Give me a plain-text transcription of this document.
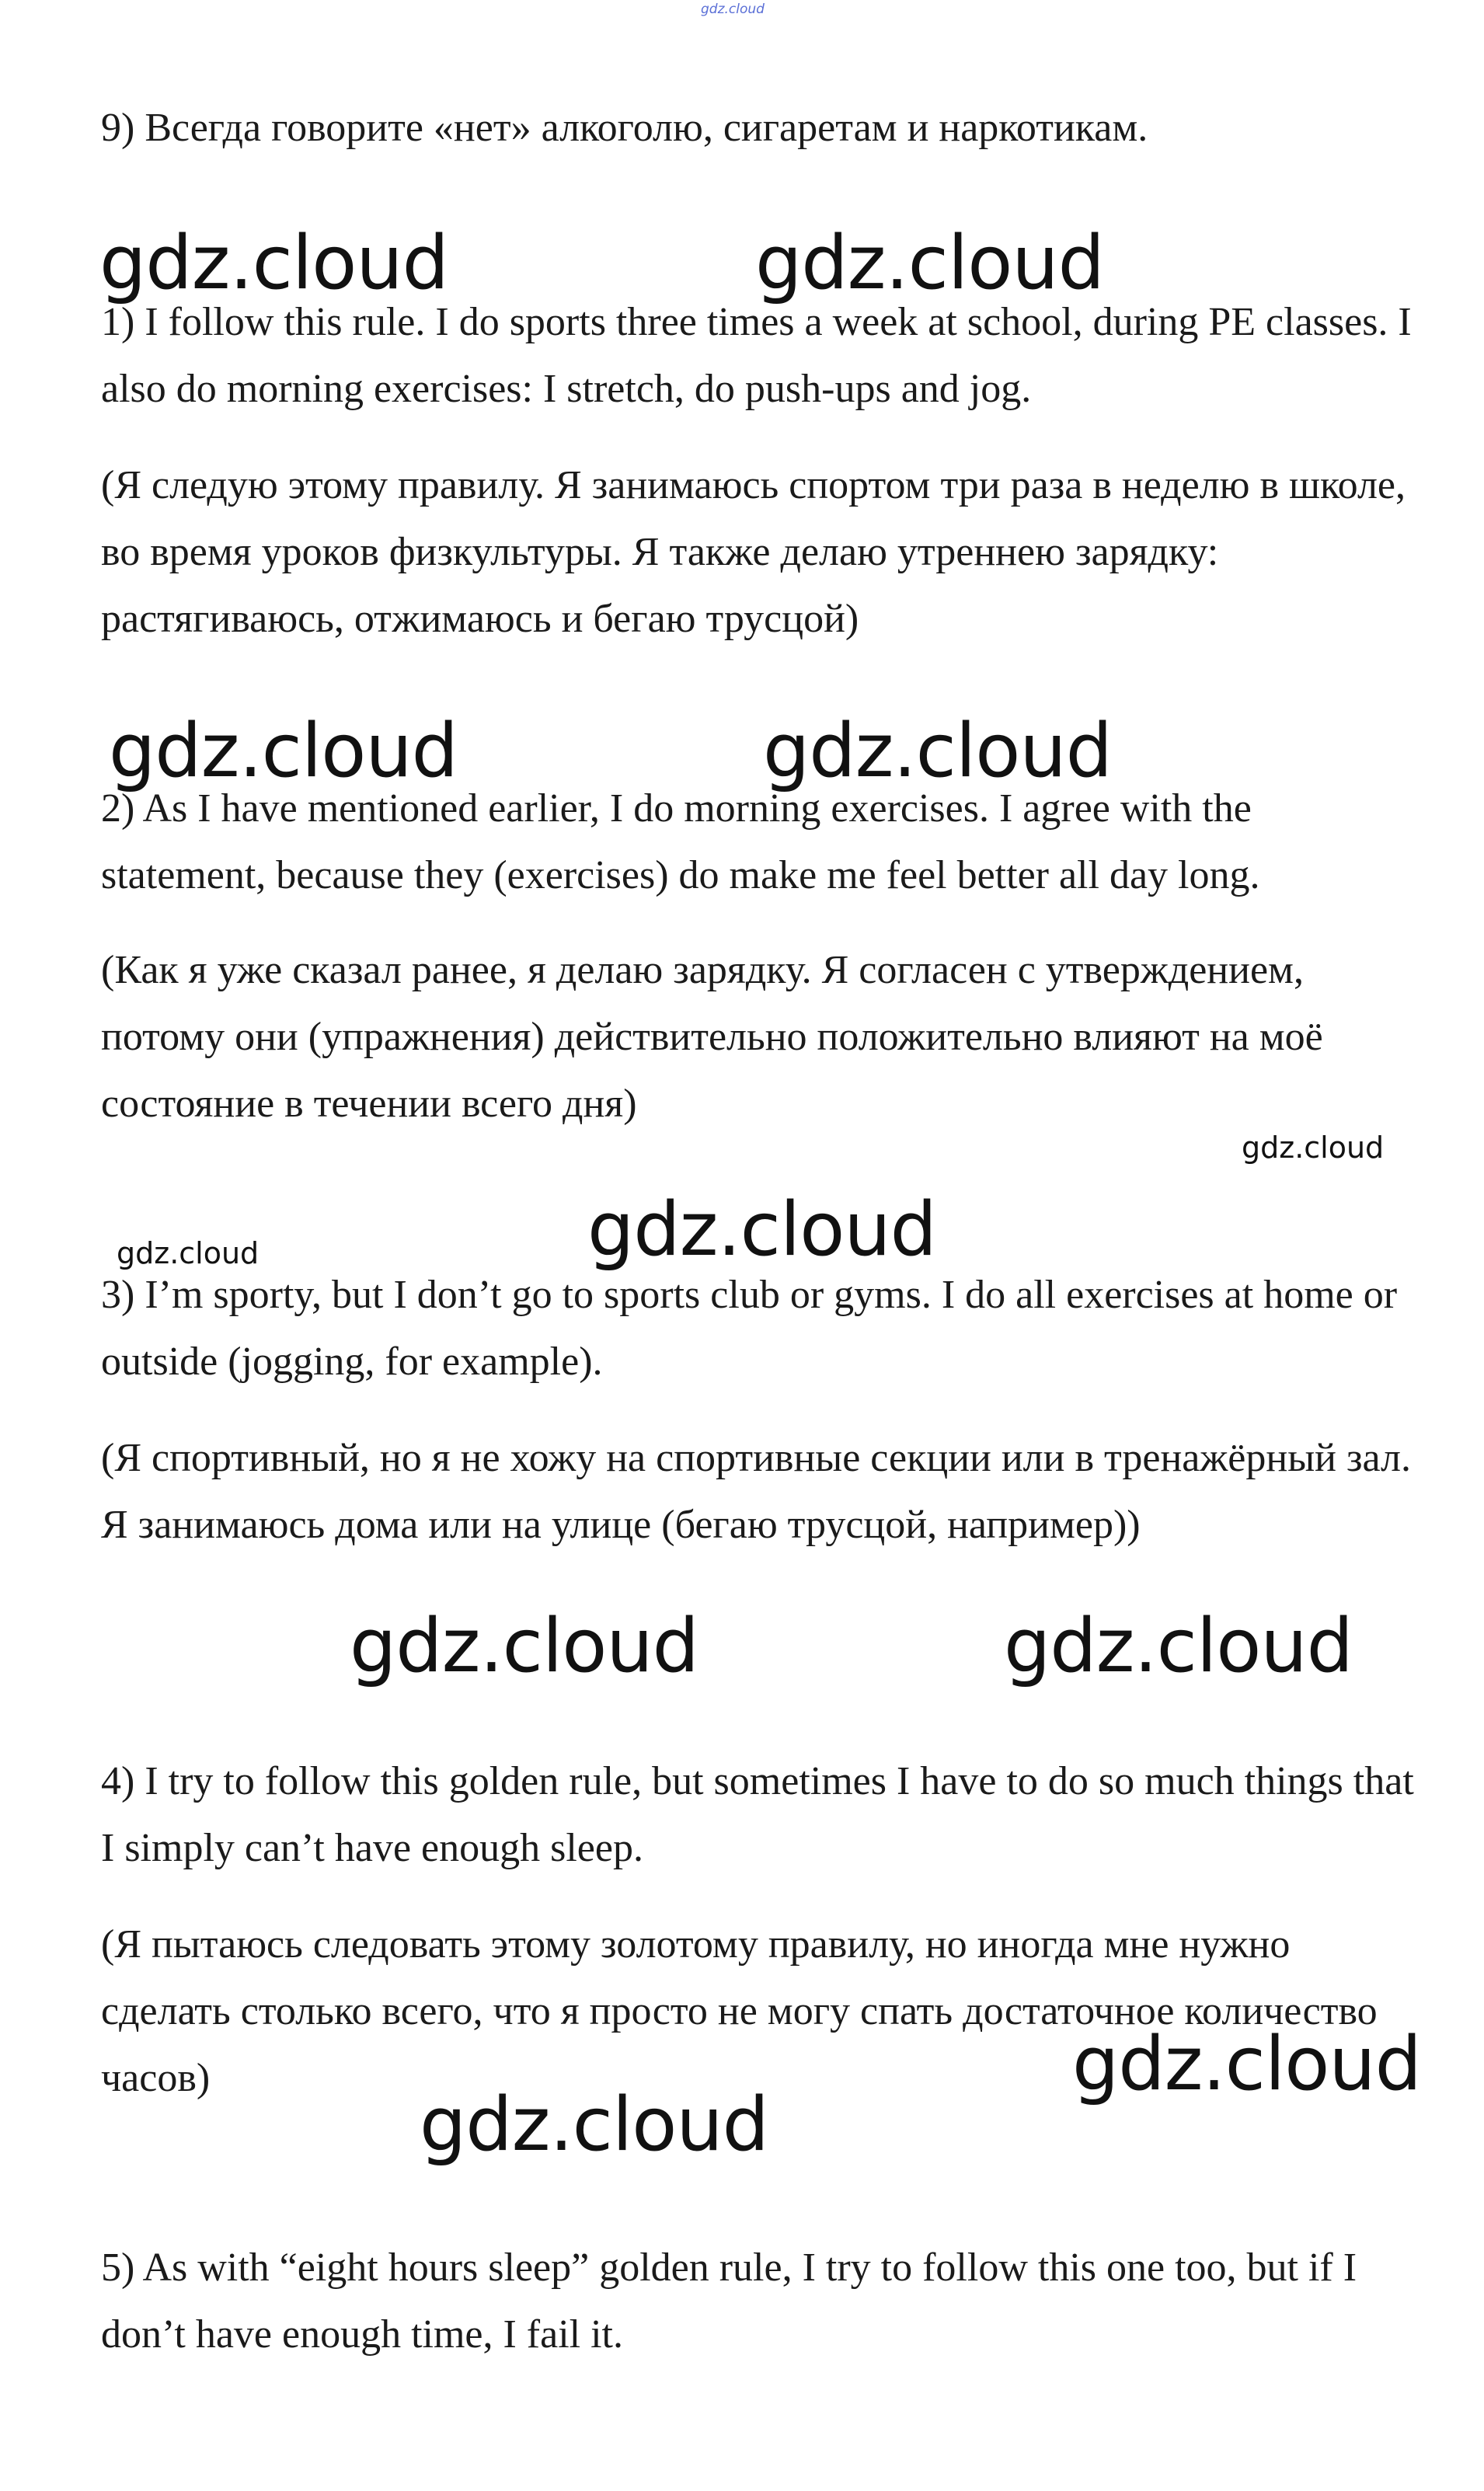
gdz.cloud

9) Всегда говорите «нет» алкоголю, сигаретам и наркотикам.

gdz.cloud	gdz.cloud

1) I follow this rule. I do sports three times a week at school, during PE classes. I also do morning exercises: I stretch, do push-ups and jog.

(Я следую этому правилу. Я занимаюсь спортом три раза в неделю в школе, во время уроков физкультуры. Я также делаю утреннею зарядку: растягиваюсь, отжимаюсь и бегаю трусцой)

gdz.cloud	gdz.cloud

2) As I have mentioned earlier, I do morning exercises. I agree with the statement, because they (exercises) do make me feel better all day long.

(Как я уже сказал ранее, я делаю зарядку. Я согласен с утверждением, потому они (упражнения) действительно положительно влияют на моё состояние в течении всего дня)

gdz.cloud
gdz.cloud
gdz.cloud

3) I’m sporty, but I don’t go to sports club or gyms. I do all exercises at home or outside (jogging, for example).

(Я спортивный, но я не хожу на спортивные секции или в тренажёрный зал. Я занимаюсь дома или на улице (бегаю трусцой, например))

gdz.cloud	gdz.cloud

4) I try to follow this golden rule, but sometimes I have to do so much things that I simply can’t have enough sleep.

(Я пытаюсь следовать этому золотому правилу, но иногда мне нужно сделать столько всего, что я просто не могу спать достаточное количество часов)	gdz.cloud
gdz.cloud

5) As with “eight hours sleep” golden rule, I try to follow this one too, but if I don’t have enough time, I fail it.
